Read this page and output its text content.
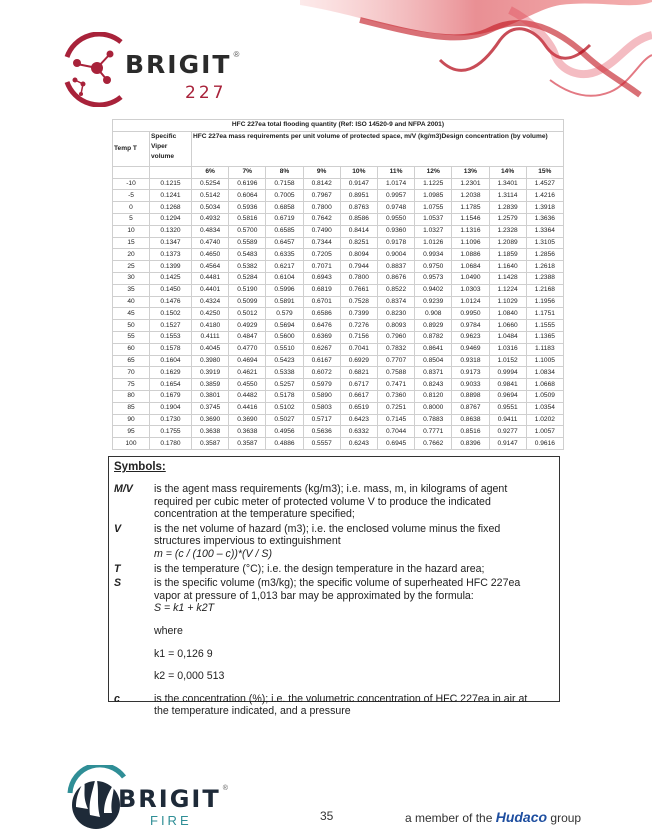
BRIGIT ®
227
HFC 227ea total flooding quantity (Ref: ISO 14520-9 and NFPA 2001)											
Temp T	Specific Viper volume	HFC 227ea mass requirements per unit volume of protected space, m/V (kg/m3)Design concentration (by volume)									
		6%	7%	8%	9%	10%	11%	12%	13%	14%	15%
-10	0.1215	0.5254	0.6196	0.7158	0.8142	0.9147	1.0174	1.1225	1.2301	1.3401	1.4527
-5	0.1241	0.5142	0.6064	0.7005	0.7967	0.8951	0.9957	1.0985	1.2038	1.3114	1.4216
0	0.1268	0.5034	0.5936	0.6858	0.7800	0.8763	0.9748	1.0755	1.1785	1.2839	1.3918
5	0.1294	0.4932	0.5816	0.6719	0.7642	0.8586	0.9550	1.0537	1.1546	1.2579	1.3636
10	0.1320	0.4834	0.5700	0.6585	0.7490	0.8414	0.9360	1.0327	1.1316	1.2328	1.3364
15	0.1347	0.4740	0.5589	0.6457	0.7344	0.8251	0.9178	1.0126	1.1096	1.2089	1.3105
20	0.1373	0.4650	0.5483	0.6335	0.7205	0.8094	0.9004	0.9934	1.0886	1.1859	1.2856
25	0.1399	0.4564	0.5382	0.6217	0.7071	0.7944	0.8837	0.9750	1.0684	1.1640	1.2618
30	0.1425	0.4481	0.5284	0.6104	0.6943	0.7800	0.8676	0.9573	1.0490	1.1428	1.2388
35	0.1450	0.4401	0.5190	0.5996	0.6819	0.7661	0.8522	0.9402	1.0303	1.1224	1.2168
40	0.1476	0.4324	0.5099	0.5891	0.6701	0.7528	0.8374	0.9239	1.0124	1.1029	1.1956
45	0.1502	0.4250	0.5012	0.579	0.6586	0.7399	0.8230	0.908	0.9950	1.0840	1.1751
50	0.1527	0.4180	0.4929	0.5694	0.6476	0.7276	0.8093	0.8929	0.9784	1.0660	1.1555
55	0.1553	0.4111	0.4847	0.5600	0.6369	0.7156	0.7960	0.8782	0.9623	1.0484	1.1365
60	0.1578	0.4045	0.4770	0.5510	0.6267	0.7041	0.7832	0.8641	0.9469	1.0316	1.1183
65	0.1604	0.3980	0.4694	0.5423	0.6167	0.6929	0.7707	0.8504	0.9318	1.0152	1.1005
70	0.1629	0.3919	0.4621	0.5338	0.6072	0.6821	0.7588	0.8371	0.9173	0.9994	1.0834
75	0.1654	0.3859	0.4550	0.5257	0.5979	0.6717	0.7471	0.8243	0.9033	0.9841	1.0668
80	0.1679	0.3801	0.4482	0.5178	0.5890	0.6617	0.7360	0.8120	0.8898	0.9694	1.0509
85	0.1904	0.3745	0.4416	0.5102	0.5803	0.6519	0.7251	0.8000	0.8767	0.9551	1.0354
90	0.1730	0.3690	0.3690	0.5027	0.5717	0.6423	0.7145	0.7883	0.8638	0.9411	1.0202
95	0.1755	0.3638	0.3638	0.4956	0.5636	0.6332	0.7044	0.7771	0.8516	0.9277	1.0057
100	0.1780	0.3587	0.3587	0.4886	0.5557	0.6243	0.6945	0.7662	0.8396	0.9147	0.9616
Symbols:
M/V	is the agent mass requirements (kg/m3); i.e. mass, m, in kilograms of agent
required per cubic meter of protected volume V to produce the indicated
concentration at the temperature specified;
V	is the net volume of hazard (m3); i.e. the enclosed volume minus the fixed
structures impervious to extinguishment
m = (c / (100 – c))*(V / S)
T	is the temperature (°C); i.e. the design temperature in the hazard area;
S	is the specific volume (m3/kg); the specific volume of superheated HFC 227ea
vapor at pressure of 1,013 bar may be approximated by the formula:
S = k1 + k2T
where
k1 = 0,126 9
k2 = 0,000 513
c	is the concentration (%); i.e. the volumetric concentration of HFC 227ea in air at
the temperature indicated, and a pressure
BRIGIT ®
FIRE	35	a member of the Hudaco group
